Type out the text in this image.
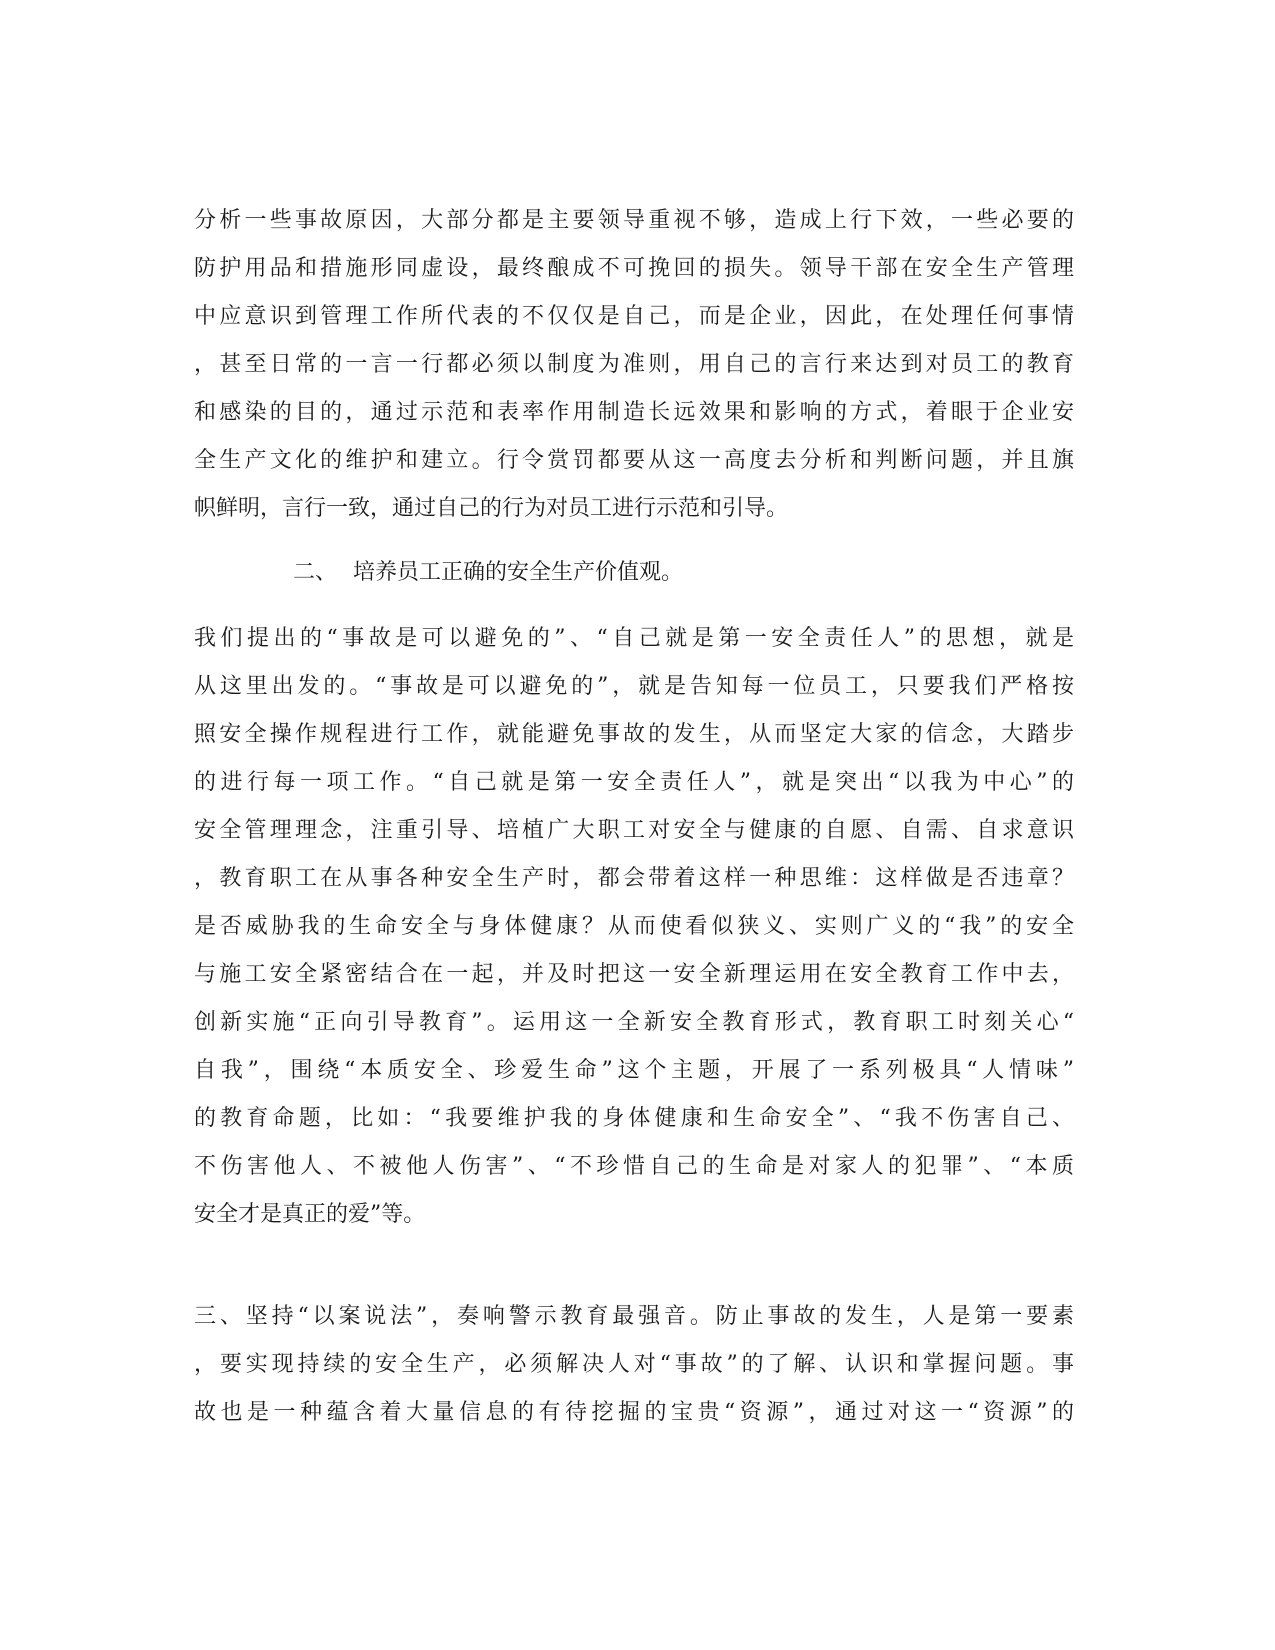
分析一些事故原因，大部分都是主要领导重视不够，造成上行下效，一些必要的
防护用品和措施形同虚设，最终酿成不可挽回的损失。领导干部在安全生产管理
中应意识到管理工作所代表的不仅仅是自己，而是企业，因此，在处理任何事情
，甚至日常的一言一行都必须以制度为准则，用自己的言行来达到对员工的教育
和感染的目的，通过示范和表率作用制造长远效果和影响的方式，着眼于企业安
全生产文化的维护和建立。行令赏罚都要从这一高度去分析和判断问题，并且旗
帜鲜明，言行一致，通过自己的行为对员工进行示范和引导。
二、 培养员工正确的安全生产价值观。
我们提出的“事故是可以避免的”、“自己就是第一安全责任人”的思想，就是
从这里出发的。“事故是可以避免的”，就是告知每一位员工，只要我们严格按
照安全操作规程进行工作，就能避免事故的发生，从而坚定大家的信念，大踏步
的进行每一项工作。“自己就是第一安全责任人”，就是突出“以我为中心”的
安全管理理念，注重引导、培植广大职工对安全与健康的自愿、自需、自求意识
，教育职工在从事各种安全生产时，都会带着这样一种思维：这样做是否违章？
是否威胁我的生命安全与身体健康？从而使看似狭义、实则广义的“我”的安全
与施工安全紧密结合在一起，并及时把这一安全新理运用在安全教育工作中去，
创新实施“正向引导教育”。运用这一全新安全教育形式，教育职工时刻关心“
自我”，围绕“本质安全、珍爱生命”这个主题，开展了一系列极具“人情味”
的教育命题，比如：“我要维护我的身体健康和生命安全”、“我不伤害自己、
不伤害他人、不被他人伤害”、“不珍惜自己的生命是对家人的犯罪”、“本质
安全才是真正的爱”等。
三、坚持“以案说法”，奏响警示教育最强音。防止事故的发生，人是第一要素
，要实现持续的安全生产，必须解决人对“事故”的了解、认识和掌握问题。事
故也是一种蕴含着大量信息的有待挖掘的宝贵“资源”，通过对这一“资源”的
